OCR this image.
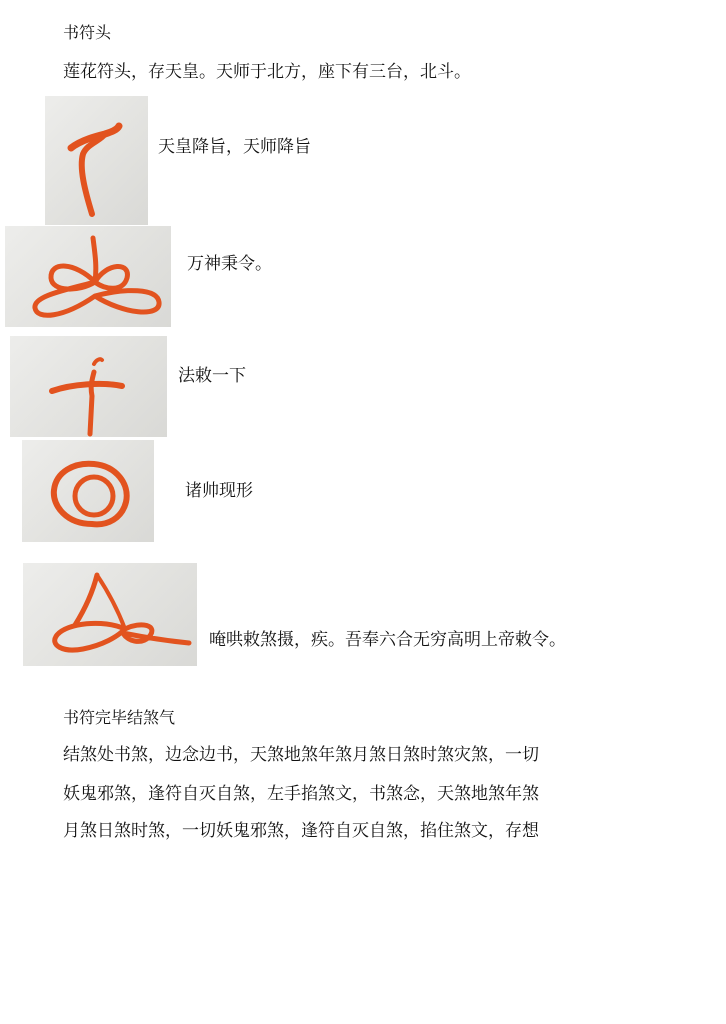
书符头
莲花符头，存天皇。天师于北方，座下有三台，北斗。
天皇降旨，天师降旨
万神秉令。
法敕一下
诸帅现形
唵哄敕煞摄，疾。吾奉六合无穷高明上帝敕令。
书符完毕结煞气
结煞处书煞，边念边书，天煞地煞年煞月煞日煞时煞灾煞，一切
妖鬼邪煞，逢符自灭自煞，左手掐煞文，书煞念，天煞地煞年煞
月煞日煞时煞，一切妖鬼邪煞，逢符自灭自煞，掐住煞文，存想
